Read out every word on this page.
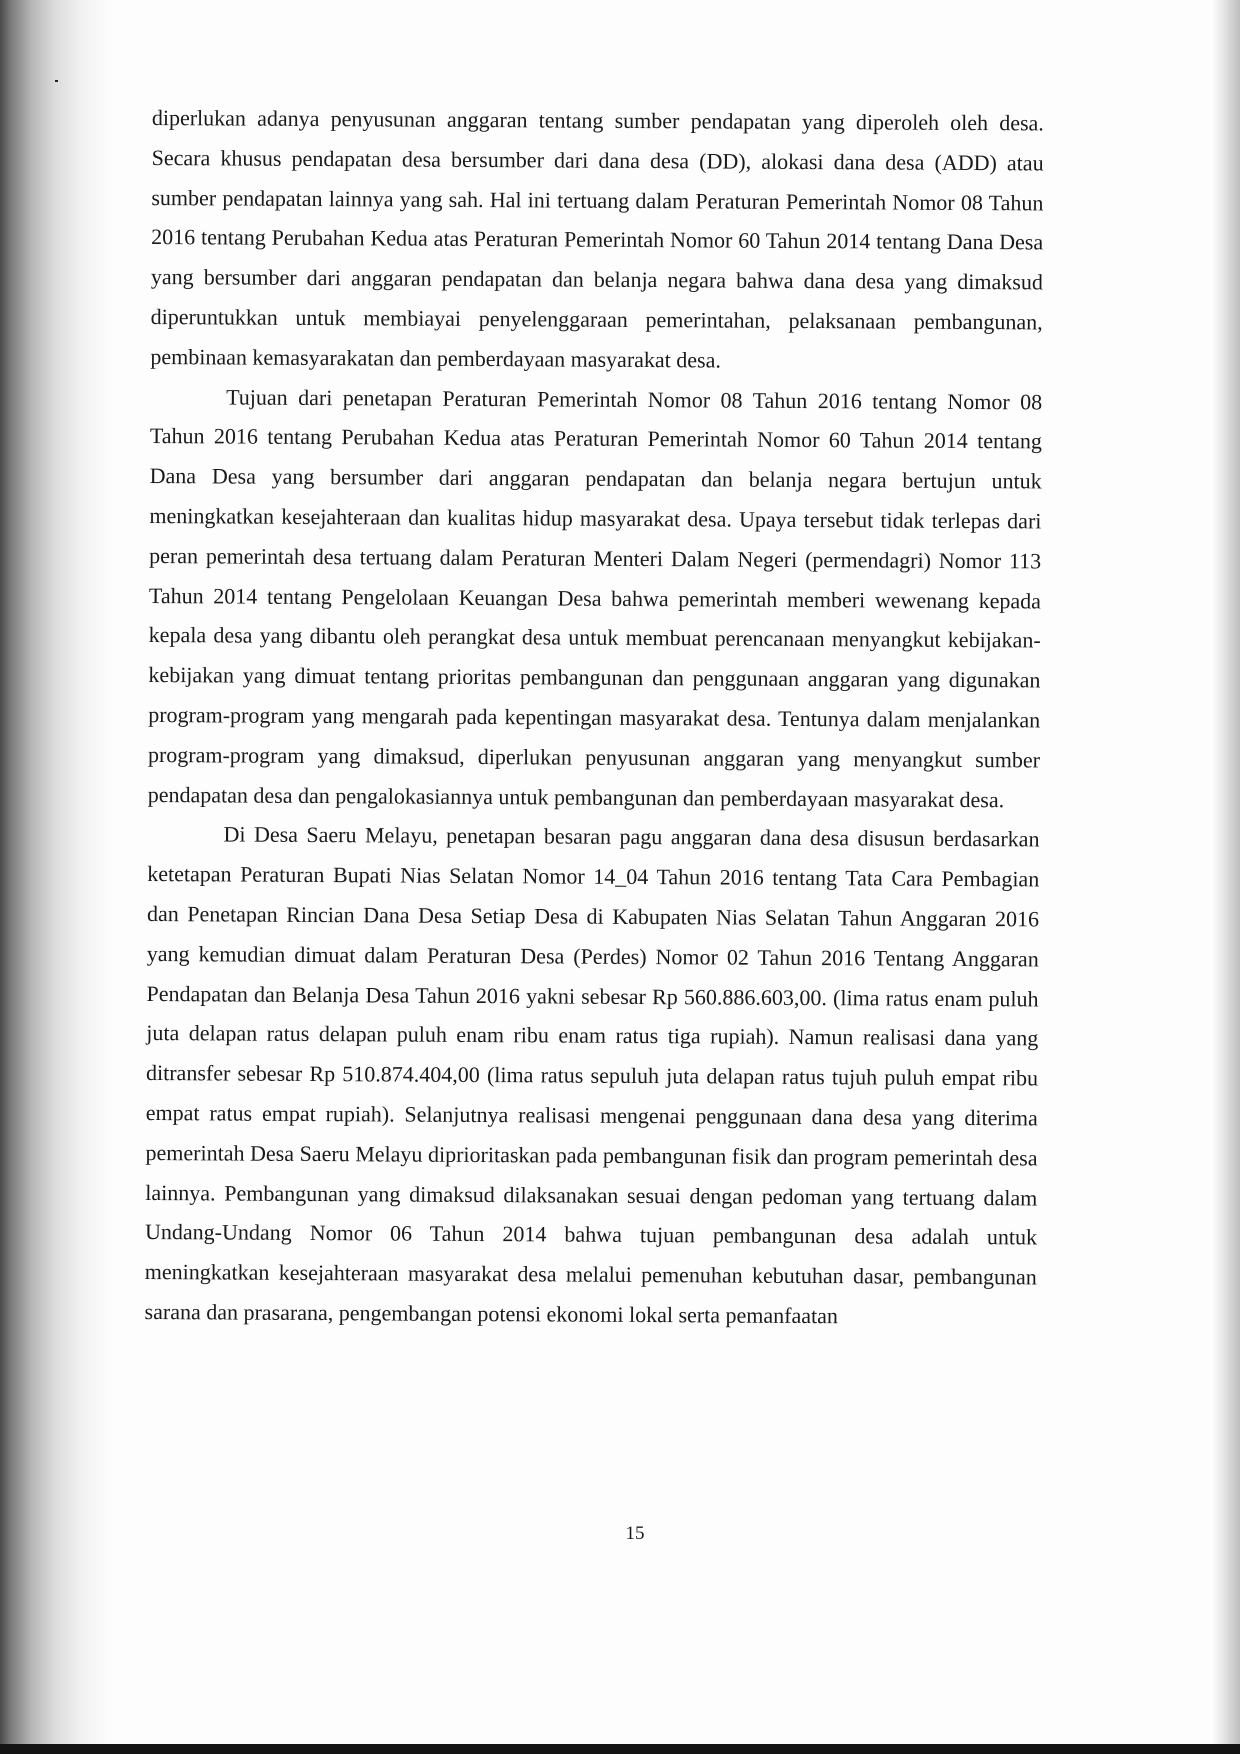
diperlukan adanya penyusunan anggaran tentang sumber pendapatan yang diperoleh oleh desa. Secara khusus pendapatan desa bersumber dari dana desa (DD), alokasi dana desa (ADD) atau sumber pendapatan lainnya yang sah. Hal ini tertuang dalam Peraturan Pemerintah Nomor 08 Tahun 2016 tentang Perubahan Kedua atas Peraturan Pemerintah Nomor 60 Tahun 2014 tentang Dana Desa yang bersumber dari anggaran pendapatan dan belanja negara bahwa dana desa yang dimaksud diperuntukkan untuk membiayai penyelenggaraan pemerintahan, pelaksanaan pembangunan, pembinaan kemasyarakatan dan pemberdayaan masyarakat desa.

Tujuan dari penetapan Peraturan Pemerintah Nomor 08 Tahun 2016 tentang Nomor 08 Tahun 2016 tentang Perubahan Kedua atas Peraturan Pemerintah Nomor 60 Tahun 2014 tentang Dana Desa yang bersumber dari anggaran pendapatan dan belanja negara bertujun untuk meningkatkan kesejahteraan dan kualitas hidup masyarakat desa. Upaya tersebut tidak terlepas dari peran pemerintah desa tertuang dalam Peraturan Menteri Dalam Negeri (permendagri) Nomor 113 Tahun 2014 tentang Pengelolaan Keuangan Desa bahwa pemerintah memberi wewenang kepada kepala desa yang dibantu oleh perangkat desa untuk membuat perencanaan menyangkut kebijakan-kebijakan yang dimuat tentang prioritas pembangunan dan penggunaan anggaran yang digunakan program-program yang mengarah pada kepentingan masyarakat desa. Tentunya dalam menjalankan program-program yang dimaksud, diperlukan penyusunan anggaran yang menyangkut sumber pendapatan desa dan pengalokasiannya untuk pembangunan dan pemberdayaan masyarakat desa.

Di Desa Saeru Melayu, penetapan besaran pagu anggaran dana desa disusun berdasarkan ketetapan Peraturan Bupati Nias Selatan Nomor 14_04 Tahun 2016 tentang Tata Cara Pembagian dan Penetapan Rincian Dana Desa Setiap Desa di Kabupaten Nias Selatan Tahun Anggaran 2016 yang kemudian dimuat dalam Peraturan Desa (Perdes) Nomor 02 Tahun 2016 Tentang Anggaran Pendapatan dan Belanja Desa Tahun 2016 yakni sebesar Rp 560.886.603,00. (lima ratus enam puluh juta delapan ratus delapan puluh enam ribu enam ratus tiga rupiah). Namun realisasi dana yang ditransfer sebesar Rp 510.874.404,00 (lima ratus sepuluh juta delapan ratus tujuh puluh empat ribu empat ratus empat rupiah). Selanjutnya realisasi mengenai penggunaan dana desa yang diterima pemerintah Desa Saeru Melayu diprioritaskan pada pembangunan fisik dan program pemerintah desa lainnya. Pembangunan yang dimaksud dilaksanakan sesuai dengan pedoman yang tertuang dalam Undang-Undang Nomor 06 Tahun 2014 bahwa tujuan pembangunan desa adalah untuk meningkatkan kesejahteraan masyarakat desa melalui pemenuhan kebutuhan dasar, pembangunan sarana dan prasarana, pengembangan potensi ekonomi lokal serta pemanfaatan

15
